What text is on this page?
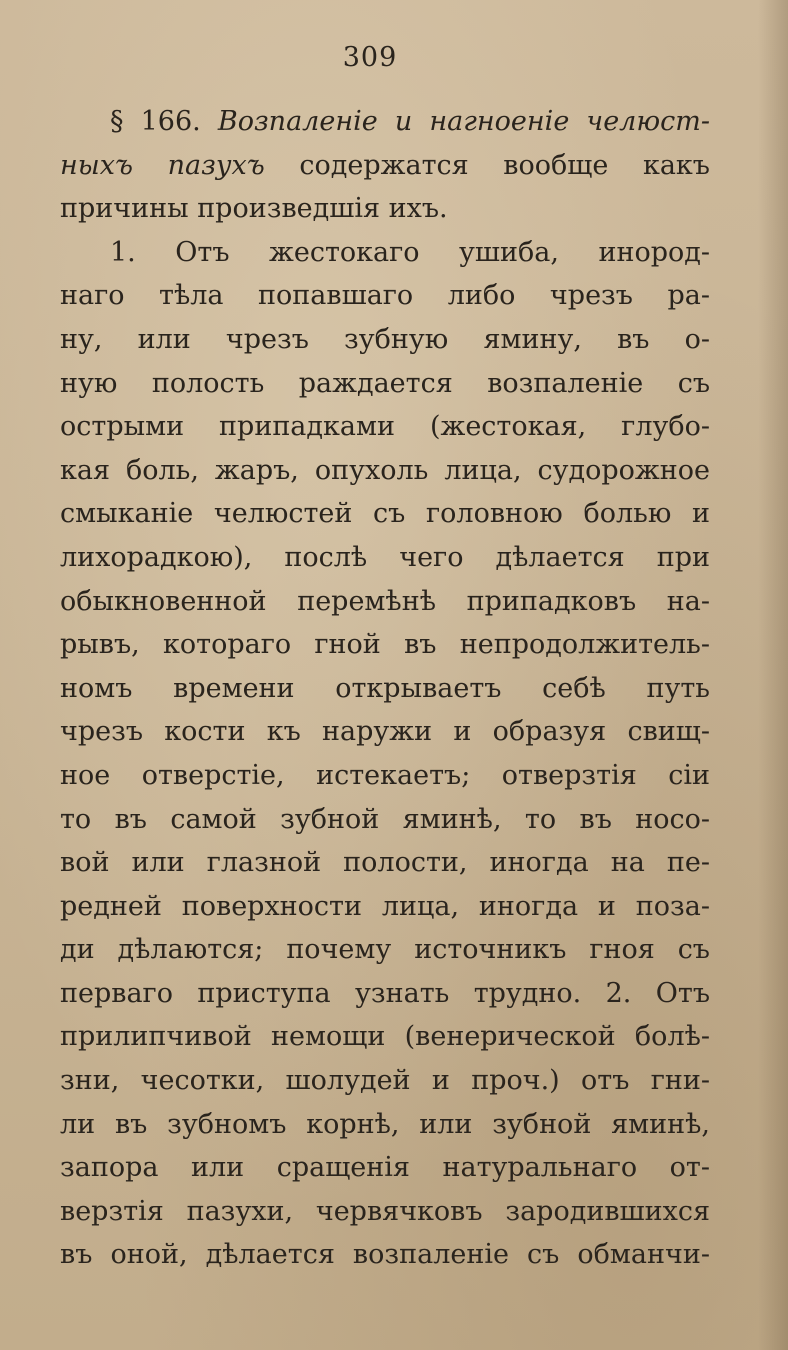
309
§ 166. Возпаленіе и нагноеніе челюст-
ныхъ пазухъ содержатся вообще какъ
причины произведшія ихъ.
1. Отъ жестокаго ушиба, инород-
наго тѣла попавшаго либо чрезъ ра-
ну, или чрезъ зубную ямину, въ о-
ную полость раждается возпаленіе съ
острыми припадками (жестокая, глубо-
кая боль, жаръ, опухоль лица, судорожное
смыканіе челюстей съ головною болью и
лихорадкою), послѣ чего дѣлается при
обыкновенной перемѣнѣ припадковъ на-
рывъ, котораго гной въ непродолжитель-
номъ времени открываетъ себѣ путь
чрезъ кости къ наружи и образуя свищ-
ное отверстіе, истекаетъ; отверзтія сіи
то въ самой зубной яминѣ, то въ носо-
вой или глазной полости, иногда на пе-
редней поверхности лица, иногда и поза-
ди дѣлаются; почему источникъ гноя съ
перваго приступа узнать трудно. 2. Отъ
прилипчивой немощи (венерической болѣ-
зни, чесотки, шолудей и проч.) отъ гни-
ли въ зубномъ корнѣ, или зубной яминѣ,
запора или сращенія натуральнаго от-
верзтія пазухи, червячковъ зародившихся
въ оной, дѣлается возпаленіе съ обманчи-
